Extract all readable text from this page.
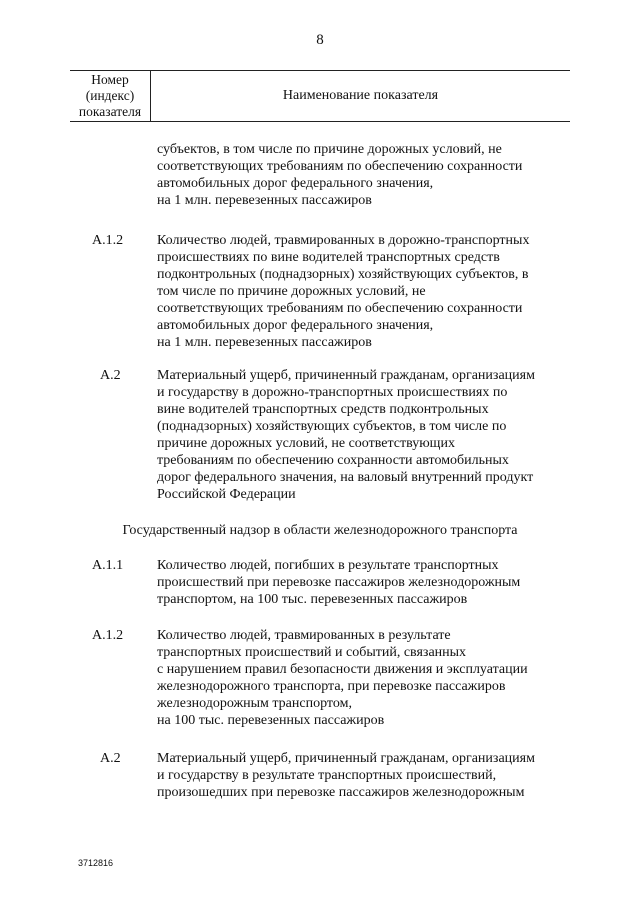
8
Номер
(индекс)
показателя
Наименование показателя
субъектов, в том числе по причине дорожных условий, не
соответствующих требованиям по обеспечению сохранности
автомобильных дорог федерального значения,
на 1 млн. перевезенных пассажиров
А.1.2 Количество людей, травмированных в дорожно-транспортных
происшествиях по вине водителей транспортных средств
подконтрольных (поднадзорных) хозяйствующих субъектов, в
том числе по причине дорожных условий, не
соответствующих требованиям по обеспечению сохранности
автомобильных дорог федерального значения,
на 1 млн. перевезенных пассажиров
А.2	Материальный ущерб, причиненный гражданам, организациям
и государству в дорожно-транспортных происшествиях по
вине водителей транспортных средств подконтрольных
(поднадзорных) хозяйствующих субъектов, в том числе по
причине дорожных условий, не соответствующих
требованиям по обеспечению сохранности автомобильных
дорог федерального значения, на валовый внутренний продукт
Российской Федерации
Государственный надзор в области железнодорожного транспорта
А.1.1 Количество людей, погибших в результате транспортных
происшествий при перевозке пассажиров железнодорожным
транспортом, на 100 тыс. перевезенных пассажиров
А.1.2 Количество людей, травмированных в результате
транспортных происшествий и событий, связанных
с нарушением правил безопасности движения и эксплуатации
железнодорожного транспорта, при перевозке пассажиров
железнодорожным транспортом,
на 100 тыс. перевезенных пассажиров
А.2	Материальный ущерб, причиненный гражданам, организациям
и государству в результате транспортных происшествий,
произошедших при перевозке пассажиров железнодорожным
3712816
